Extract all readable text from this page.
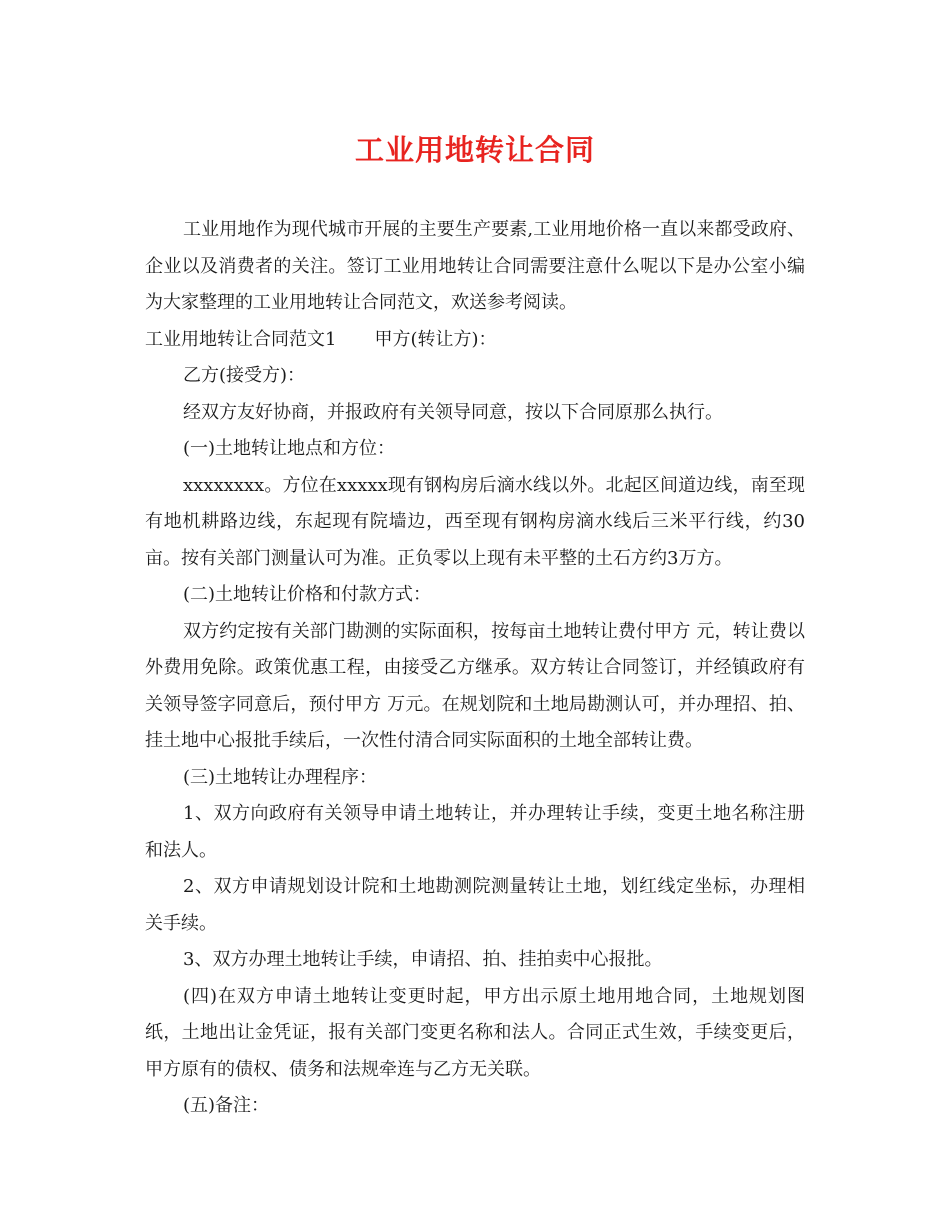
工业用地转让合同

工业用地作为现代城市开展的主要生产要素,工业用地价格一直以来都受政府、企业以及消费者的关注。签订工业用地转让合同需要注意什么呢以下是办公室小编为大家整理的工业用地转让合同范文，欢送参考阅读。

工业用地转让合同范文1 甲方(转让方)：

乙方(接受方)：

经双方友好协商，并报政府有关领导同意，按以下合同原那么执行。

(一)土地转让地点和方位：

xxxxxxxx。方位在xxxxx现有钢构房后滴水线以外。北起区间道边线，南至现有地机耕路边线，东起现有院墙边，西至现有钢构房滴水线后三米平行线，约30亩。按有关部门测量认可为准。正负零以上现有未平整的土石方约3万方。

(二)土地转让价格和付款方式：

双方约定按有关部门勘测的实际面积，按每亩土地转让费付甲方 元，转让费以外费用免除。政策优惠工程，由接受乙方继承。双方转让合同签订，并经镇政府有关领导签字同意后，预付甲方 万元。在规划院和土地局勘测认可，并办理招、拍、挂土地中心报批手续后，一次性付清合同实际面积的土地全部转让费。

(三)土地转让办理程序：

1、双方向政府有关领导申请土地转让，并办理转让手续，变更土地名称注册和法人。

2、双方申请规划设计院和土地勘测院测量转让土地，划红线定坐标，办理相关手续。

3、双方办理土地转让手续，申请招、拍、挂拍卖中心报批。

(四)在双方申请土地转让变更时起，甲方出示原土地用地合同，土地规划图纸，土地出让金凭证，报有关部门变更名称和法人。合同正式生效，手续变更后，甲方原有的债权、债务和法规牵连与乙方无关联。

(五)备注：
